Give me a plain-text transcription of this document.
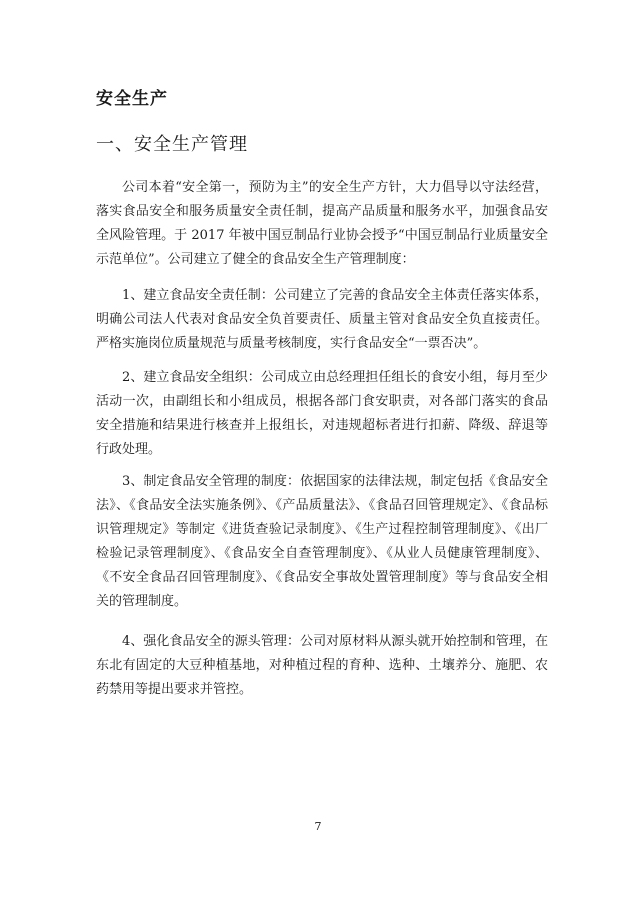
安全生产
一、安全生产管理

公司本着“安全第一，预防为主”的安全生产方针，大力倡导以守法经营，落实食品安全和服务质量安全责任制，提高产品质量和服务水平，加强食品安全风险管理。于 2017 年被中国豆制品行业协会授予“中国豆制品行业质量安全示范单位”。公司建立了健全的食品安全生产管理制度：

1、建立食品安全责任制：公司建立了完善的食品安全主体责任落实体系，明确公司法人代表对食品安全负首要责任、质量主管对食品安全负直接责任。严格实施岗位质量规范与质量考核制度，实行食品安全“一票否决”。

2、建立食品安全组织：公司成立由总经理担任组长的食安小组，每月至少活动一次，由副组长和小组成员，根据各部门食安职责，对各部门落实的食品安全措施和结果进行核查并上报组长，对违规超标者进行扣薪、降级、辞退等行政处理。

3、制定食品安全管理的制度：依据国家的法律法规，制定包括《食品安全法》、《食品安全法实施条例》、《产品质量法》、《食品召回管理规定》、《食品标识管理规定》等制定《进货查验记录制度》、《生产过程控制管理制度》、《出厂检验记录管理制度》、《食品安全自查管理制度》、《从业人员健康管理制度》、《不安全食品召回管理制度》、《食品安全事故处置管理制度》等与食品安全相关的管理制度。

4、强化食品安全的源头管理：公司对原材料从源头就开始控制和管理，在东北有固定的大豆种植基地，对种植过程的育种、选种、土壤养分、施肥、农药禁用等提出要求并管控。

7
